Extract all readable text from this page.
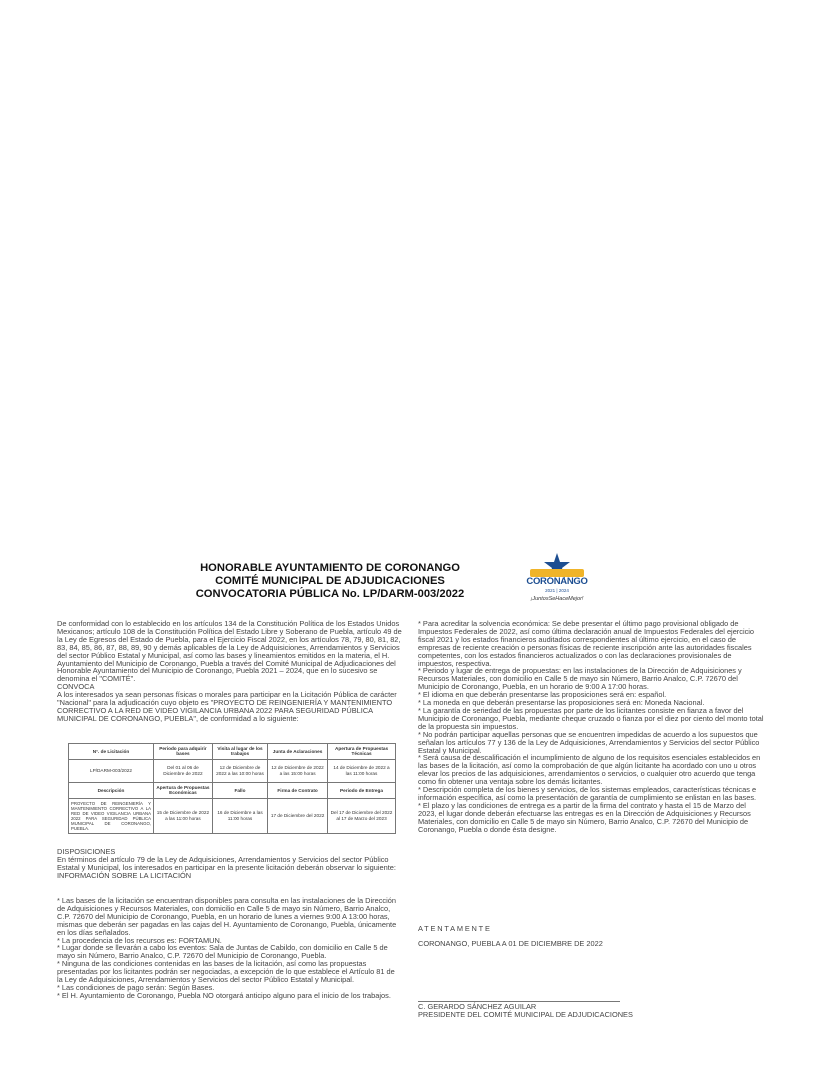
HONORABLE AYUNTAMIENTO DE CORONANGO
COMITÉ MUNICIPAL DE ADJUDICACIONES
CONVOCATORIA PÚBLICA No. LP/DARM-003/2022
CORONANGO
2021 | 2024
¡JuntosSeHaceMejor!

De conformidad con lo establecido en los artículos 134 de la Constitución Política de los Estados Unidos Mexicanos; artículo 108 de la Constitución Política del Estado Libre y Soberano de Puebla, artículo 49 de la Ley de Egresos del Estado de Puebla, para el Ejercicio Fiscal 2022, en los artículos 78, 79, 80, 81, 82, 83, 84, 85, 86, 87, 88, 89, 90 y demás aplicables de la Ley de Adquisiciones, Arrendamientos y Servicios del sector Público Estatal y Municipal, así como las bases y lineamientos emitidos en la materia, el H. Ayuntamiento del Municipio de Coronango, Puebla a través del Comité Municipal de Adjudicaciones del Honorable Ayuntamiento del Municipio de Coronango, Puebla 2021 – 2024, que en lo sucesivo se denomina el "COMITÉ".

CONVOCA

A los interesados ya sean personas físicas o morales para participar en la Licitación Pública de carácter "Nacional" para la adjudicación cuyo objeto es "PROYECTO DE REINGENIERÍA Y MANTENIMIENTO CORRECTIVO A LA RED DE VIDEO VIGILANCIA URBANA 2022 PARA SEGURIDAD PÚBLICA MUNICIPAL DE CORONANGO, PUEBLA", de conformidad a lo siguiente:

N°. de Licitación	Periodo para adquirir bases	Visita al lugar de los trabajos	Junta de Aclaraciones	Apertura de Propuestas Técnicas
LP/DARM-003/2022	Del 01 al 06 de Diciembre de 2022	12 de Diciembre de 2022 a las 10:00 horas	12 de Diciembre de 2022 a las 15:00 horas	14 de Diciembre de 2022 a las 11:00 horas
Descripción	Apertura de Propuestas Económicas	Fallo	Firma de Contrato	Periodo de Entrega
PROYECTO DE REINGENIERÍA Y MANTENIMIENTO CORRECTIVO A LA RED DE VIDEO VIGILANCIA URBANA 2022 PARA SEGURIDAD PÚBLICA MUNICIPAL DE CORONANGO, PUEBLA.	15 de Diciembre de 2022 a las 11:00 horas	16 de Diciembre a las 11:00 horas	17 de Diciembre del 2022	Del 17 de Diciembre del 2022 al 17 de Marzo del 2023

DISPOSICIONES

En términos del artículo 79 de la Ley de Adquisiciones, Arrendamientos y Servicios del sector Público Estatal y Municipal, los interesados en participar en la presente licitación deberán observar lo siguiente:

INFORMACIÓN SOBRE LA LICITACIÓN

* Las bases de la licitación se encuentran disponibles para consulta en las instalaciones de la Dirección de Adquisiciones y Recursos Materiales, con domicilio en Calle 5 de mayo sin Número, Barrio Analco, C.P. 72670 del Municipio de Coronango, Puebla, en un horario de lunes a viernes 9:00 A 13:00 horas, mismas que deberán ser pagadas en las cajas del H. Ayuntamiento de Coronango, Puebla, únicamente en los días señalados.

* La procedencia de los recursos es: FORTAMUN.

* Lugar donde se llevarán a cabo los eventos: Sala de Juntas de Cabildo, con domicilio en Calle 5 de mayo sin Número, Barrio Analco, C.P. 72670 del Municipio de Coronango, Puebla.

* Ninguna de las condiciones contenidas en las bases de la licitación, así como las propuestas presentadas por los licitantes podrán ser negociadas, a excepción de lo que establece el Artículo 81 de la Ley de Adquisiciones, Arrendamientos y Servicios del sector Público Estatal y Municipal.

* Las condiciones de pago serán: Según Bases.

* El H. Ayuntamiento de Coronango, Puebla NO otorgará anticipo alguno para el inicio de los trabajos.

* Para acreditar la solvencia económica: Se debe presentar el último pago provisional obligado de Impuestos Federales de 2022, así como última declaración anual de Impuestos Federales del ejercicio fiscal 2021 y los estados financieros auditados correspondientes al último ejercicio, en el caso de empresas de reciente creación o personas físicas de reciente inscripción ante las autoridades fiscales competentes, con los estados financieros actualizados o con las declaraciones provisionales de impuestos, respectiva.

* Periodo y lugar de entrega de propuestas: en las instalaciones de la Dirección de Adquisiciones y Recursos Materiales, con domicilio en Calle 5 de mayo sin Número, Barrio Analco, C.P. 72670 del Municipio de Coronango, Puebla, en un horario de 9:00 A 17:00 horas.

* El idioma en que deberán presentarse las proposiciones será en: español.

* La moneda en que deberán presentarse las proposiciones será en: Moneda Nacional.

* La garantía de seriedad de las propuestas por parte de los licitantes consiste en fianza a favor del Municipio de Coronango, Puebla, mediante cheque cruzado o fianza por el diez por ciento del monto total de la propuesta sin impuestos.

* No podrán participar aquellas personas que se encuentren impedidas de acuerdo a los supuestos que señalan los artículos 77 y 136 de la Ley de Adquisiciones, Arrendamientos y Servicios del sector Público Estatal y Municipal.

* Será causa de descalificación el incumplimiento de alguno de los requisitos esenciales establecidos en las bases de la licitación, así como la comprobación de que algún licitante ha acordado con uno u otros elevar los precios de las adquisiciones, arrendamientos o servicios, o cualquier otro acuerdo que tenga como fin obtener una ventaja sobre los demás licitantes.

* Descripción completa de los bienes y servicios, de los sistemas empleados, características técnicas e información específica, así como la presentación de garantía de cumplimiento se enlistan en las bases.

* El plazo y las condiciones de entrega es a partir de la firma del contrato y hasta el 15 de Marzo del 2023, el lugar donde deberán efectuarse las entregas es en la Dirección de Adquisiciones y Recursos Materiales, con domicilio en Calle 5 de mayo sin Número, Barrio Analco, C.P. 72670 del Municipio de Coronango, Puebla o donde ésta designe.

ATENTAMENTE
CORONANGO, PUEBLA A 01 DE DICIEMBRE DE 2022
C. GERARDO SÁNCHEZ AGUILAR
PRESIDENTE DEL COMITÉ MUNICIPAL DE ADJUDICACIONES
